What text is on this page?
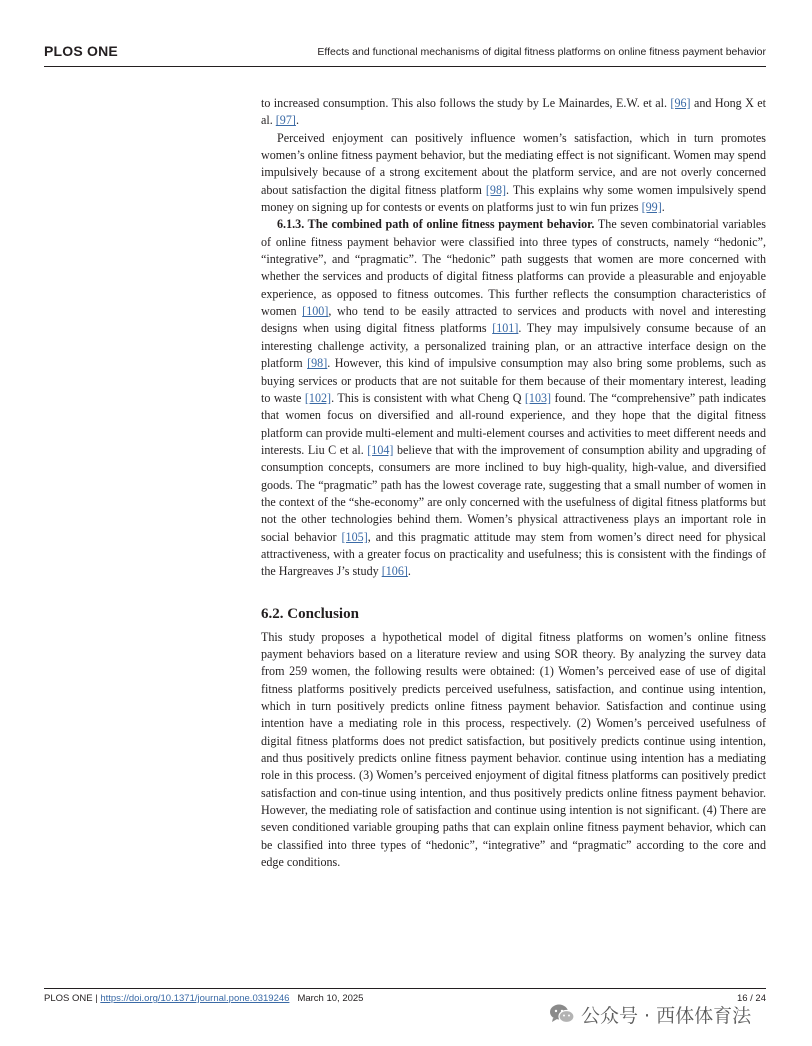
PLOS ONE	Effects and functional mechanisms of digital fitness platforms on online fitness payment behavior

to increased consumption. This also follows the study by Le Mainardes, E.W. et al. [96] and Hong X et al. [97].

Perceived enjoyment can positively influence women’s satisfaction, which in turn promotes women’s online fitness payment behavior, but the mediating effect is not significant. Women may spend impulsively because of a strong excitement about the platform service, and are not overly concerned about satisfaction the digital fitness platform [98]. This explains why some women impulsively spend money on signing up for contests or events on platforms just to win fun prizes [99].

6.1.3. The combined path of online fitness payment behavior. The seven combinatorial variables of online fitness payment behavior were classified into three types of constructs, namely “hedonic”, “integrative”, and “pragmatic”. The “hedonic” path suggests that women are more concerned with whether the services and products of digital fitness platforms can provide a pleasurable and enjoyable experience, as opposed to fitness outcomes. This further reflects the consumption characteristics of women [100], who tend to be easily attracted to services and products with novel and interesting designs when using digital fitness platforms [101]. They may impulsively consume because of an interesting challenge activity, a personalized training plan, or an attractive interface design on the platform [98]. However, this kind of impulsive consumption may also bring some problems, such as buying services or products that are not suitable for them because of their momentary interest, leading to waste [102]. This is consistent with what Cheng Q [103] found. The “comprehensive” path indicates that women focus on diversified and all-round experience, and they hope that the digital fitness platform can provide multi-element and multi-element courses and activities to meet different needs and interests. Liu C et al. [104] believe that with the improvement of consumption ability and upgrading of consumption concepts, consumers are more inclined to buy high-quality, high-value, and diversified goods. The “pragmatic” path has the lowest coverage rate, suggesting that a small number of women in the context of the “she-economy” are only concerned with the usefulness of digital fitness platforms but not the other technologies behind them. Women’s physical attractiveness plays an important role in social behavior [105], and this pragmatic attitude may stem from women’s direct need for physical attractiveness, with a greater focus on practicality and usefulness; this is consistent with the findings of the Hargreaves J’s study [106].

6.2. Conclusion

This study proposes a hypothetical model of digital fitness platforms on women’s online fitness payment behaviors based on a literature review and using SOR theory. By analyzing the survey data from 259 women, the following results were obtained: (1) Women’s perceived ease of use of digital fitness platforms positively predicts perceived usefulness, satisfaction, and continue using intention, which in turn positively predicts online fitness payment behavior. Satisfaction and continue using intention have a mediating role in this process, respectively. (2) Women’s perceived usefulness of digital fitness platforms does not predict satisfaction, but positively predicts continue using intention, and thus positively predicts online fitness payment behavior. continue using intention has a mediating role in this process. (3) Women’s perceived enjoyment of digital fitness platforms can positively predict satisfaction and con-tinue using intention, and thus positively predicts online fitness payment behavior. However, the mediating role of satisfaction and continue using intention is not significant. (4) There are seven conditioned variable grouping paths that can explain online fitness payment behavior, which can be classified into three types of “hedonic”, “integrative” and “pragmatic” according to the core and edge conditions.

PLOS ONE | https://doi.org/10.1371/journal.pone.0319246 March 10, 2025	16 / 24
公众号 · 西体体育法
